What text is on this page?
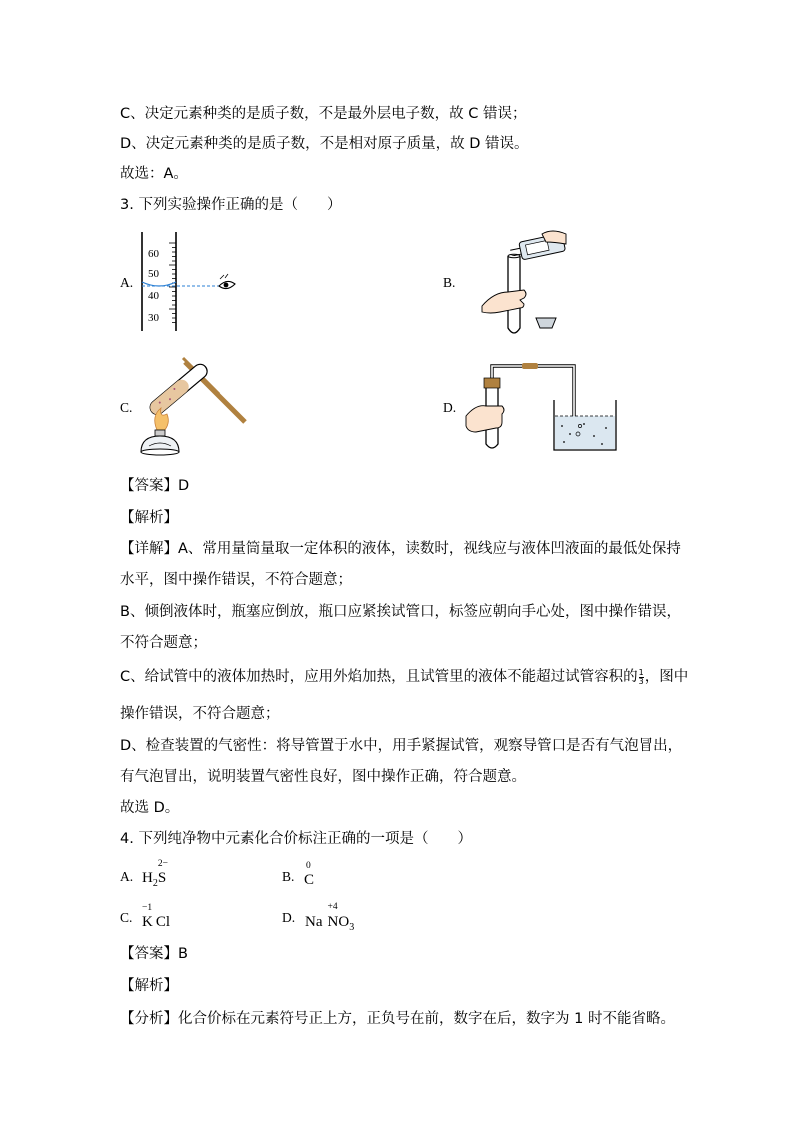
C、决定元素种类的是质子数，不是最外层电子数，故 C 错误；
D、决定元素种类的是质子数，不是相对原子质量，故 D 错误。
故选：A。
3. 下列实验操作正确的是（　　）
A.	B.
C.	D.
60
50
40
30
【答案】D
【解析】
【详解】A、常用量筒量取一定体积的液体，读数时，视线应与液体凹液面的最低处保持
水平，图中操作错误，不符合题意；
B、倾倒液体时，瓶塞应倒放，瓶口应紧挨试管口，标签应朝向手心处，图中操作错误，
不符合题意；
C、给试管中的液体加热时，应用外焰加热，且试管里的液体不能超过试管容积的 $\frac{1}{3}$ ，图中
操作错误，不符合题意；
D、检查装置的气密性：将导管置于水中，用手紧握试管，观察导管口是否有气泡冒出，
有气泡冒出，说明装置气密性良好，图中操作正确，符合题意。
故选 D。
4. 下列纯净物中元素化合价标注正确的一项是（　　）
A. $H_2$
2−
S	B.
0
C
C.
−1
K Cl	D. Na
+4
$NO_3$
【答案】B
【解析】
【分析】化合价标在元素符号正上方，正负号在前，数字在后，数字为 1 时不能省略。
